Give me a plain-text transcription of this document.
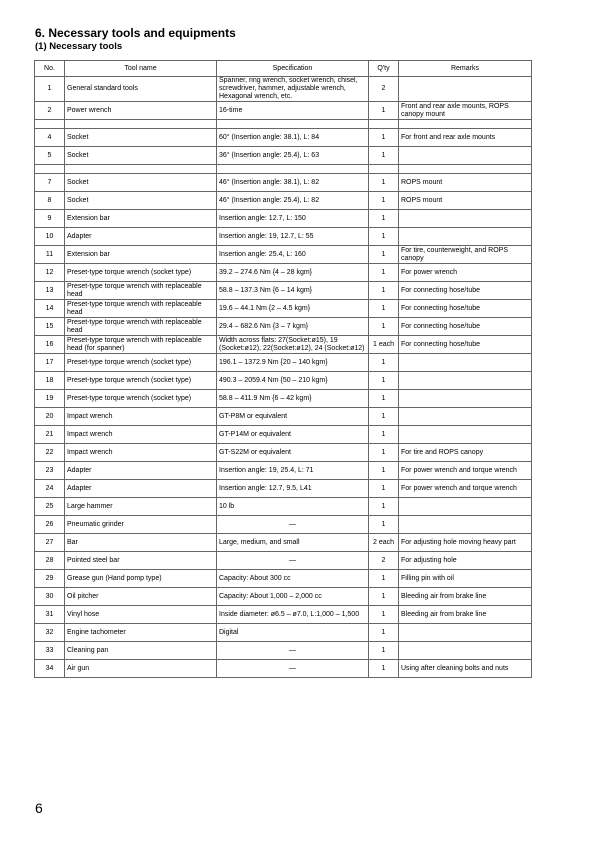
6. Necessary tools and equipments
(1) Necessary tools
No.	Tool name	Specification	Q'ty	Remarks
1	General standard tools	Spanner, ring wrench, socket wrench, chisel, screwdriver, hammer, adjustable wrench, Hexagonal wrench, etc.	2	
2	Power wrench	16-time	1	Front and rear axle mounts, ROPS canopy mount

4	Socket	60° (Insertion angle: 38.1), L: 84	1	For front and rear axle mounts
5	Socket	36° (Insertion angle: 25.4), L: 63	1	

7	Socket	46° (Insertion angle: 38.1), L: 82	1	ROPS mount
8	Socket	46° (Insertion angle: 25.4), L: 82	1	ROPS mount
9	Extension bar	Insertion angle: 12.7, L: 150	1	
10	Adapter	Insertion angle: 19, 12.7, L: 55	1	
11	Extension bar	Insertion angle: 25.4, L: 160	1	For tire, counterweight, and ROPS canopy
12	Preset-type torque wrench (socket type)	39.2 – 274.6 Nm {4 – 28 kgm}	1	For power wrench
13	Preset-type torque wrench with replaceable head	58.8 – 137.3 Nm {6 – 14 kgm}	1	For connecting hose/tube
14	Preset-type torque wrench with replaceable head	19.6 – 44.1 Nm {2 – 4.5 kgm}	1	For connecting hose/tube
15	Preset-type torque wrench with replaceable head	29.4 – 682.6 Nm {3 – 7 kgm}	1	For connecting hose/tube
16	Preset-type torque wrench with replaceable head (for spanner)	Width across flats: 27(Socket:ø15), 19 (Socket:ø12), 22(Socket:ø12), 24 (Socket:ø12)	1 each	For connecting hose/tube
17	Preset-type torque wrench (socket type)	196.1 – 1372.9 Nm {20 – 140 kgm}	1	
18	Preset-type torque wrench (socket type)	490.3 – 2059.4 Nm {50 – 210 kgm}	1	
19	Preset-type torque wrench (socket type)	58.8 – 411.9 Nm {6 – 42 kgm}	1	
20	Impact wrench	GT-P8M or equivalent	1	
21	Impact wrench	GT-P14M or equivalent	1	
22	Impact wrench	GT-S22M or equivalent	1	For tire and ROPS canopy
23	Adapter	Insertion angle: 19, 25.4, L: 71	1	For power wrench and torque wrench
24	Adapter	Insertion angle: 12.7, 9.5, L41	1	For power wrench and torque wrench
25	Large hammer	10 lb	1	
26	Pneumatic grinder	—	1	
27	Bar	Large, medium, and small	2 each	For adjusting hole moving heavy part
28	Pointed steel bar	—	2	For adjusting hole
29	Grease gun (Hand pomp type)	Capacity: About 300 cc	1	Filling pin with oil
30	Oil pitcher	Capacity: About 1,000 – 2,000 cc	1	Bleeding air from brake line
31	Vinyl hose	Inside diameter: ø6.5 – ø7.0, L:1,000 – 1,500	1	Bleeding air from brake line
32	Engine tachometer	Digital	1	
33	Cleaning pan	—	1	
34	Air gun	—	1	Using after cleaning bolts and nuts
6
